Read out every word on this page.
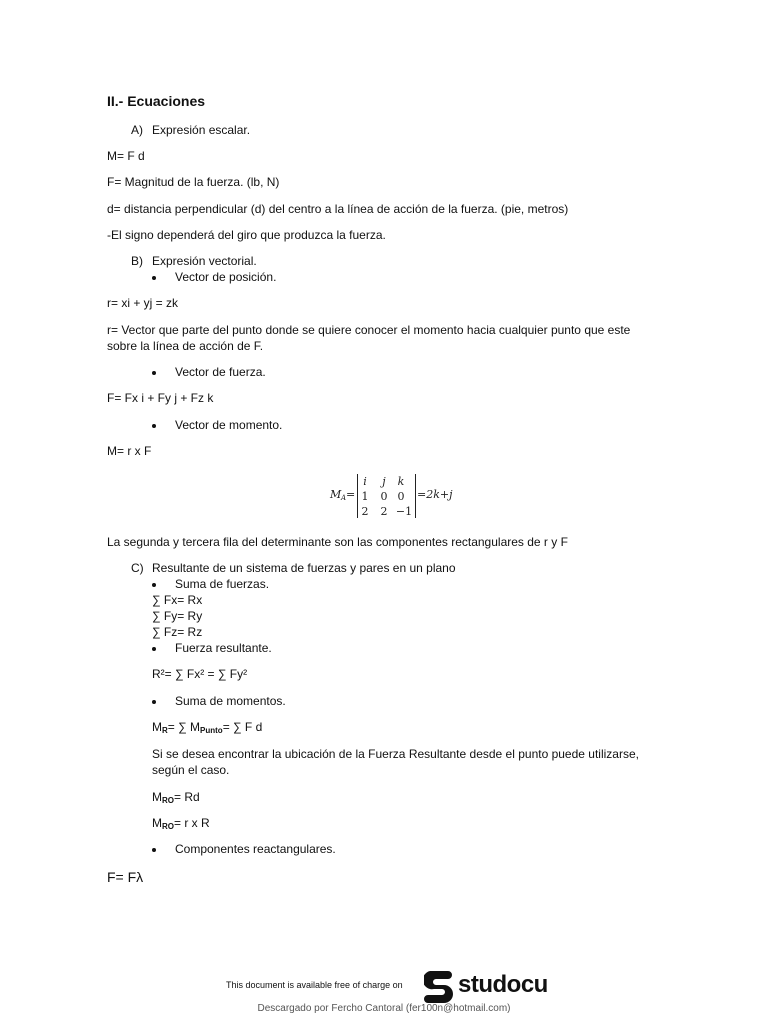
II.- Ecuaciones
A) Expresión escalar.
M= F d
F= Magnitud de la fuerza. (lb, N)
d= distancia perpendicular (d) del centro a la línea de acción de la fuerza. (pie, metros)
-El signo dependerá del giro que produzca la fuerza.
B) Expresión vectorial.
Vector de posición.
r= xi + yj = zk
r= Vector que parte del punto donde se quiere conocer el momento hacia cualquier punto que este
sobre la línea de acción de F.
Vector de fuerza.
F= Fx i + Fy j + Fz k
Vector de momento.
M= r x F
M A =
i	j	k
1	0 0
2	2 −1
=2k+j
La segunda y tercera fila del determinante son las componentes rectangulares de r y F
C) Resultante de un sistema de fuerzas y pares en un plano
Suma de fuerzas.
∑ Fx= Rx
∑ Fy= Ry
∑ Fz= Rz
Fuerza resultante.
R²= ∑ Fx² = ∑ Fy²
Suma de momentos.
$M_R=$ ∑ $M_{Punto}=$ ∑ F d
Si se desea encontrar la ubicación de la Fuerza Resultante desde el punto puede utilizarse,
según el caso.
$M_{RO}= Rd$
$M_{RO}= r$ x R
Componentes reactangulares.
F= Fλ
This document is available free of charge on studocu
Descargado por Fercho Cantoral (fer100n@hotmail.com)
